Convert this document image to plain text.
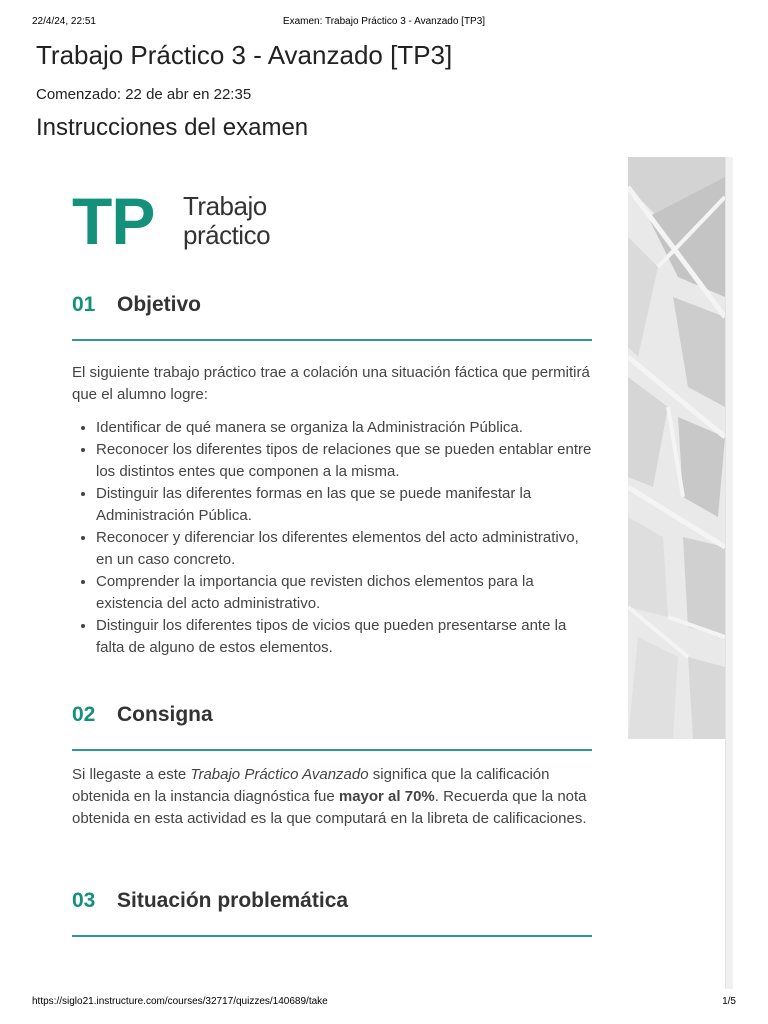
22/4/24, 22:51	Examen: Trabajo Práctico 3 - Avanzado [TP3]
Trabajo Práctico 3 - Avanzado [TP3]
Comenzado: 22 de abr en 22:35
Instrucciones del examen
TP Trabajo
práctico
01 Objetivo

El siguiente trabajo práctico trae a colación una situación fáctica que permitirá que el alumno logre:

• Identificar de qué manera se organiza la Administración Pública.
• Reconocer los diferentes tipos de relaciones que se pueden entablar entre los distintos entes que componen a la misma.
• Distinguir las diferentes formas en las que se puede manifestar la Administración Pública.
• Reconocer y diferenciar los diferentes elementos del acto administrativo, en un caso concreto.
• Comprender la importancia que revisten dichos elementos para la existencia del acto administrativo.
• Distinguir los diferentes tipos de vicios que pueden presentarse ante la falta de alguno de estos elementos.
02 Consigna

Si llegaste a este Trabajo Práctico Avanzado significa que la calificación obtenida en la instancia diagnóstica fue mayor al 70%. Recuerda que la nota obtenida en esta actividad es la que computará en la libreta de calificaciones.

03 Situación problemática
https://siglo21.instructure.com/courses/32717/quizzes/140689/take	1/5
